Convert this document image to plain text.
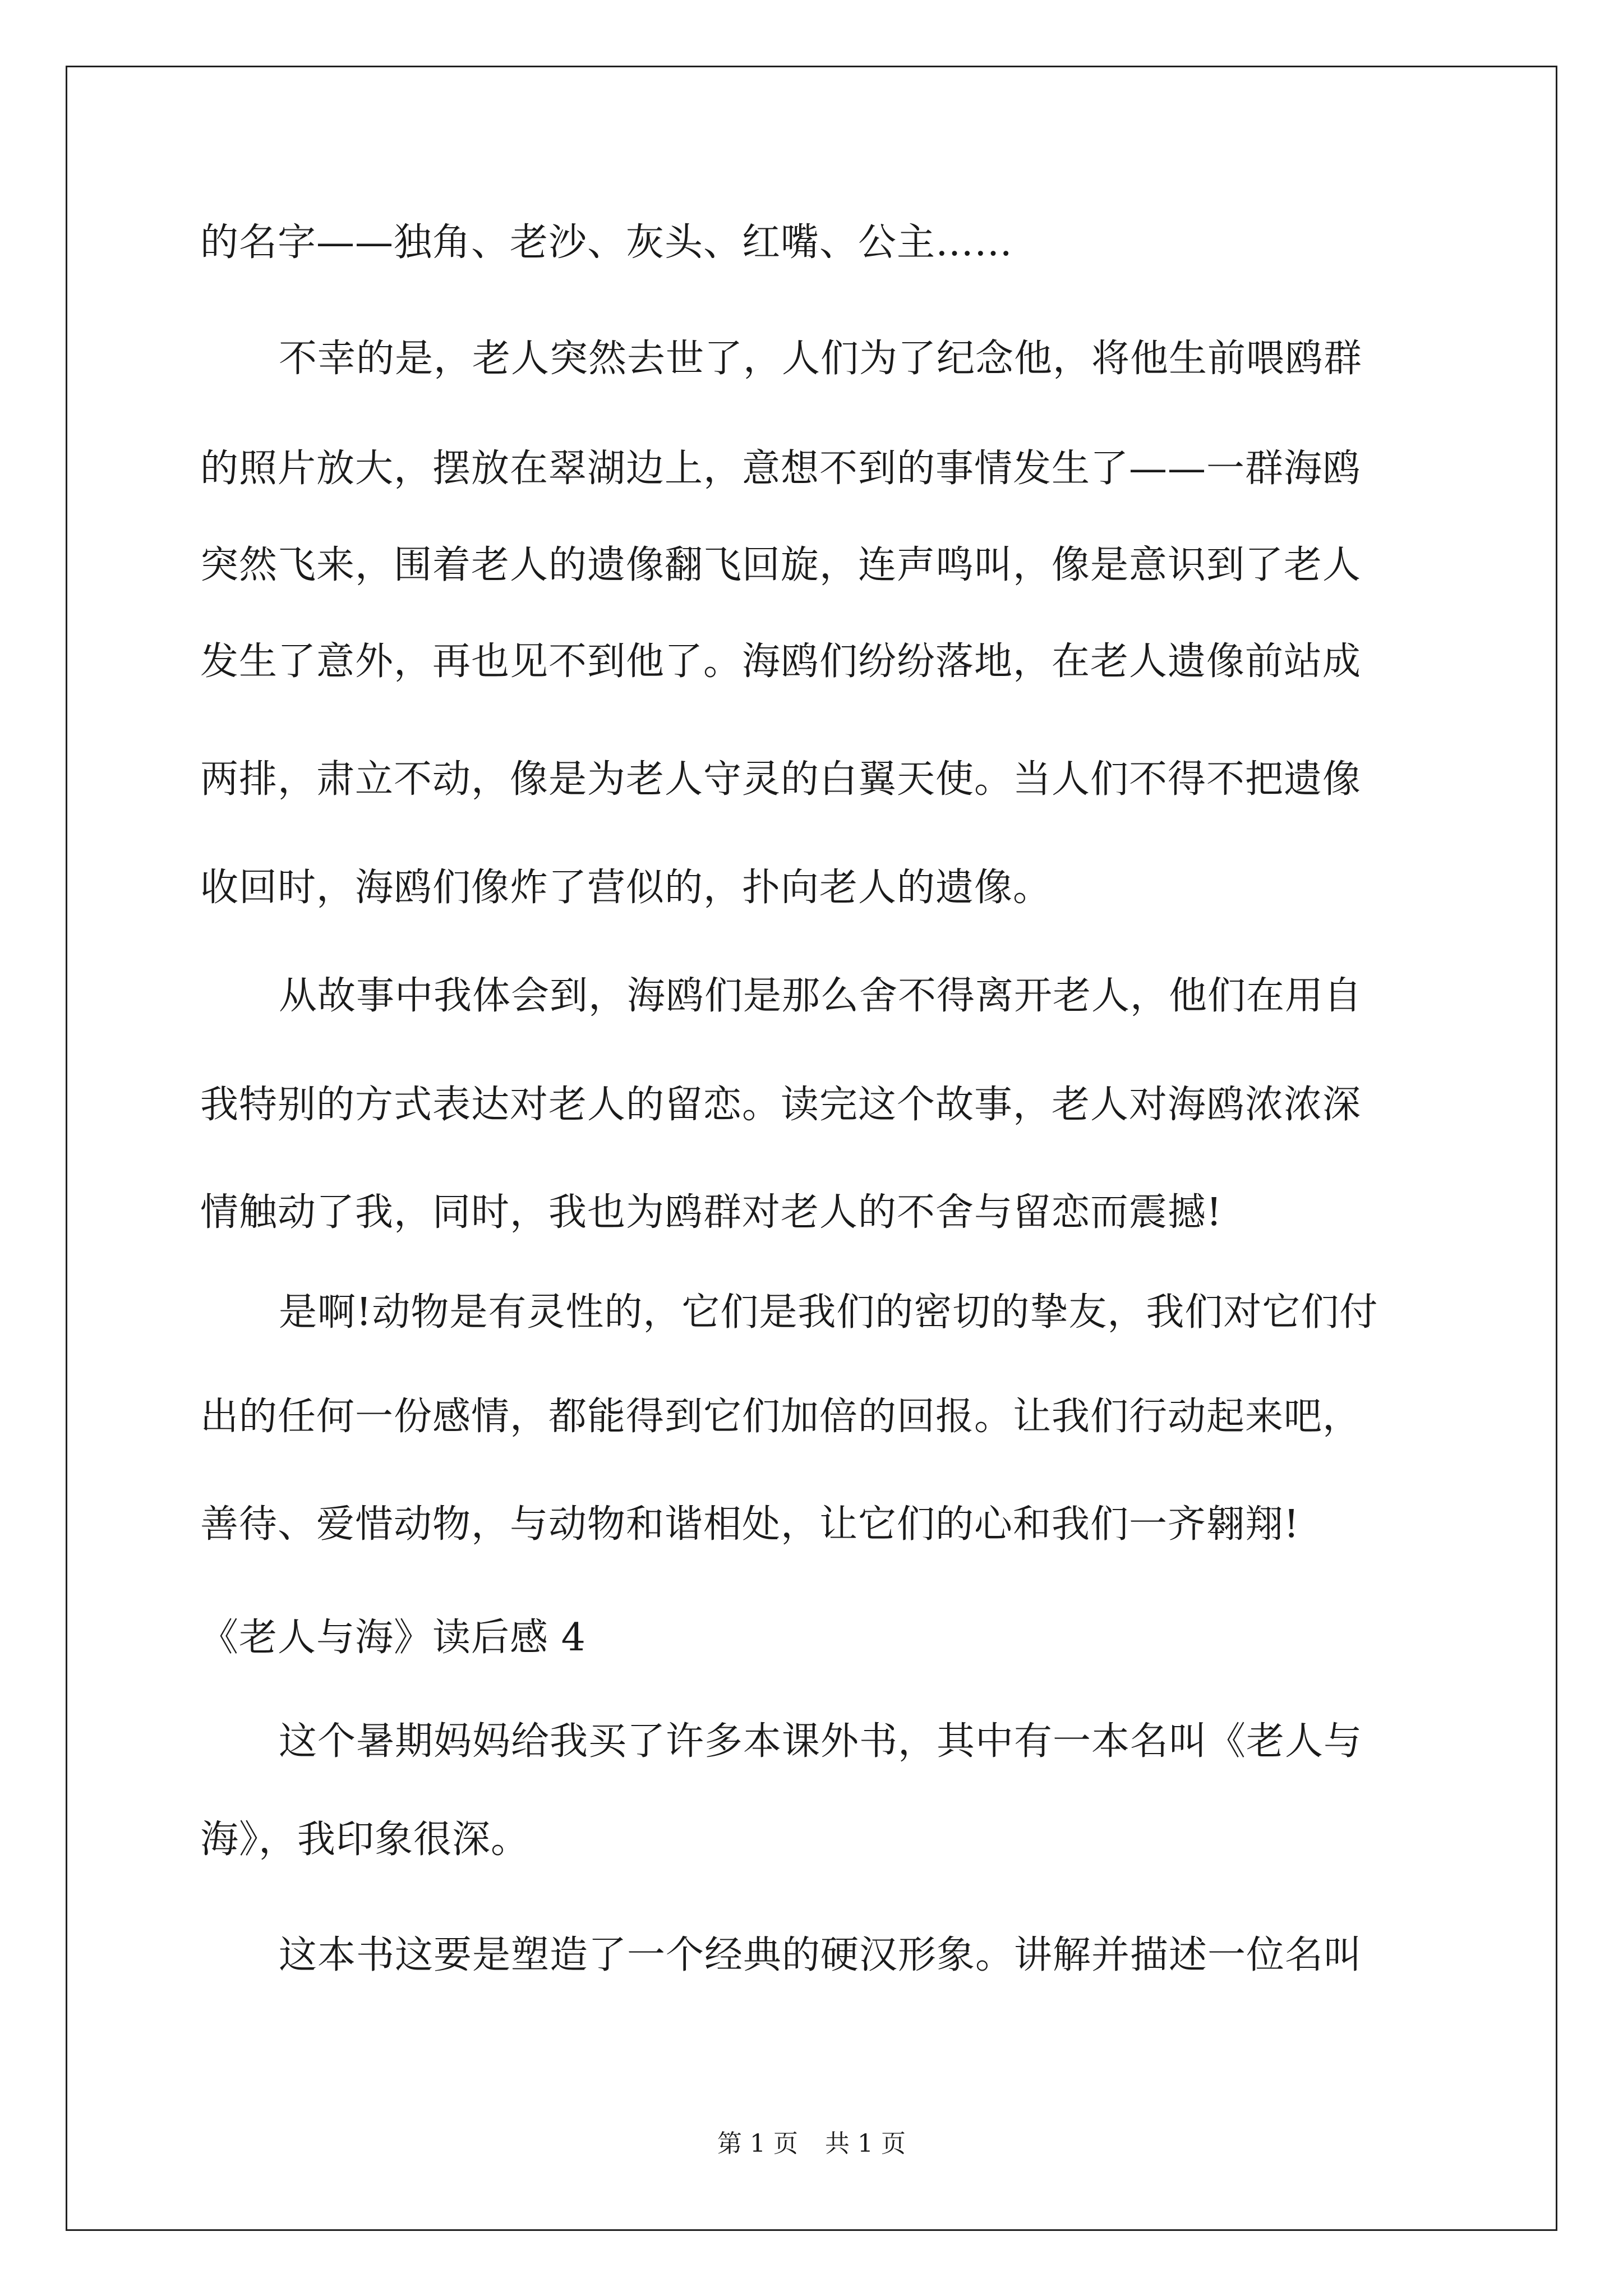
的名字——独角、老沙、灰头、红嘴、公主……
不幸的是，老人突然去世了，人们为了纪念他，将他生前喂鸥群
的照片放大，摆放在翠湖边上，意想不到的事情发生了——一群海鸥
突然飞来，围着老人的遗像翻飞回旋，连声鸣叫，像是意识到了老人
发生了意外，再也见不到他了。海鸥们纷纷落地，在老人遗像前站成
两排，肃立不动，像是为老人守灵的白翼天使。当人们不得不把遗像
收回时，海鸥们像炸了营似的，扑向老人的遗像。
从故事中我体会到，海鸥们是那么舍不得离开老人，他们在用自
我特别的方式表达对老人的留恋。读完这个故事，老人对海鸥浓浓深
情触动了我，同时，我也为鸥群对老人的不舍与留恋而震撼!
是啊!动物是有灵性的，它们是我们的密切的挚友，我们对它们付
出的任何一份感情，都能得到它们加倍的回报。让我们行动起来吧，
善待、爱惜动物，与动物和谐相处，让它们的心和我们一齐翱翔!
《老人与海》读后感 4
这个暑期妈妈给我买了许多本课外书，其中有一本名叫《老人与
海》，我印象很深。
这本书这要是塑造了一个经典的硬汉形象。讲解并描述一位名叫
第 1 页 共 1 页
